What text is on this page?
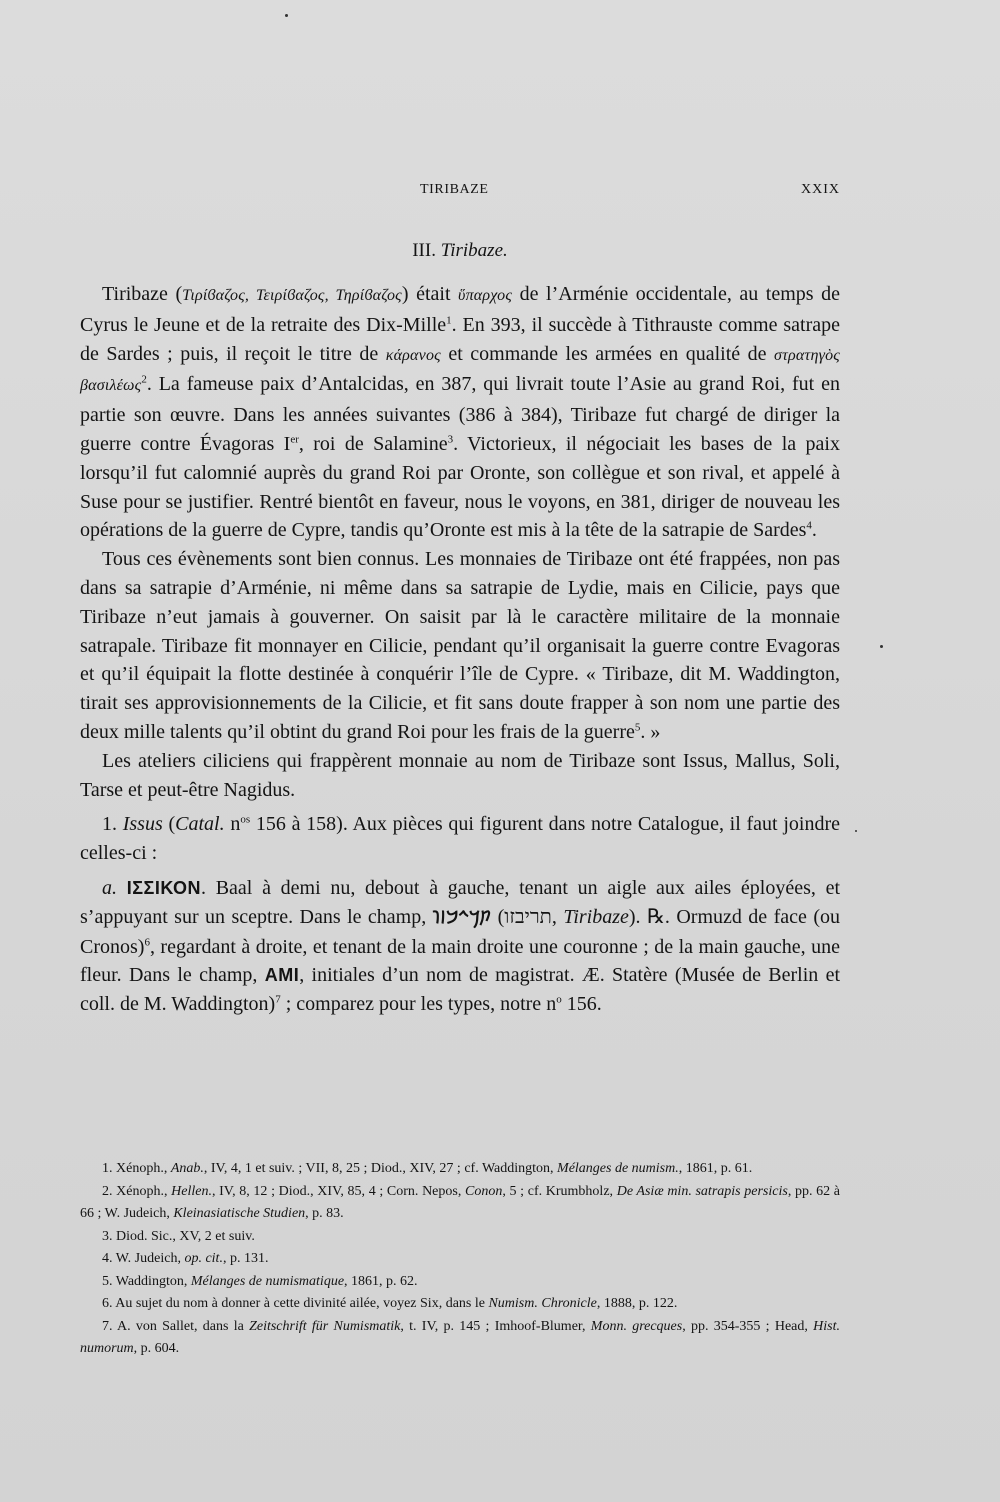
TIRIBAZE	XXIX
III. Tiribaze.

Tiribaze (Τιρίϐαζος, Τειρίϐαζος, Τηρίϐαζος) était ὕπαρχος de l’Arménie occidentale, au temps de Cyrus le Jeune et de la retraite des Dix-Mille$^1$. En 393, il succède à Tithrauste comme satrape de Sardes ; puis, il reçoit le titre de κάρανος et commande les armées en qualité de στρατηγὸς βασιλέως$^2$. La fameuse paix d’Antalcidas, en 387, qui livrait toute l’Asie au grand Roi, fut en partie son œuvre. Dans les années suivantes (386 à 384), Tiribaze fut chargé de diriger la guerre contre Évagoras Ier, roi de Salamine$^3$. Victorieux, il négociait les bases de la paix lorsqu’il fut calomnié auprès du grand Roi par Oronte, son collègue et son rival, et appelé à Suse pour se justifier. Rentré bientôt en faveur, nous le voyons, en 381, diriger de nouveau les opérations de la guerre de Cypre, tandis qu’Oronte est mis à la tête de la satrapie de Sardes$^4$.

Tous ces évènements sont bien connus. Les monnaies de Tiribaze ont été frappées, non pas dans sa satrapie d’Arménie, ni même dans sa satrapie de Lydie, mais en Cilicie, pays que Tiribaze n’eut jamais à gouverner. On saisit par là le caractère militaire de la monnaie satrapale. Tiribaze fit monnayer en Cilicie, pendant qu’il organisait la guerre contre Evagoras et qu’il équipait la flotte destinée à conquérir l’île de Cypre. « Tiribaze, dit M. Waddington, tirait ses approvisionnements de la Cilicie, et fit sans doute frapper à son nom une partie des deux mille talents qu’il obtint du grand Roi pour les frais de la guerre$^5$. »

Les ateliers ciliciens qui frappèrent monnaie au nom de Tiribaze sont Issus, Mallus, Soli, Tarse et peut-être Nagidus.

1. Issus (Catal. $n^{os}$ 156 à 158). Aux pièces qui figurent dans notre Catalogue, il faut joindre celles-ci :

a. ΙΣΣΙΚΟΝ. Baal à demi nu, debout à gauche, tenant un aigle aux ailes éployées, et s’appuyant sur un sceptre. Dans le champ, 𐡕𐡓𐡉𐡁𐡆𐡅 (תריבזו, Tiribaze). ℞. Ormuzd de face (ou Cronos)$^6$, regardant à droite, et tenant de la main droite une couronne ; de la main gauche, une fleur. Dans le champ, AMI, initiales d’un nom de magistrat. Æ. Statère (Musée de Berlin et coll. de M. Waddington)$^7$ ; comparez pour les types, notre $n^o$ 156.

1. Xénoph., Anab., IV, 4, 1 et suiv. ; VII, 8, 25 ; Diod., XIV, 27 ; cf. Waddington, Mélanges de numism., 1861, p. 61.

2. Xénoph., Hellen., IV, 8, 12 ; Diod., XIV, 85, 4 ; Corn. Nepos, Conon, 5 ; cf. Krumbholz, De Asiæ min. satrapis persicis, pp. 62 à 66 ; W. Judeich, Kleinasiatische Studien, p. 83.

3. Diod. Sic., XV, 2 et suiv.

4. W. Judeich, op. cit., p. 131.

5. Waddington, Mélanges de numismatique, 1861, p. 62.

6. Au sujet du nom à donner à cette divinité ailée, voyez Six, dans le Numism. Chronicle, 1888, p. 122.

7. A. von Sallet, dans la Zeitschrift für Numismatik, t. IV, p. 145 ; Imhoof-Blumer, Monn. grecques, pp. 354-355 ; Head, Hist. numorum, p. 604.
